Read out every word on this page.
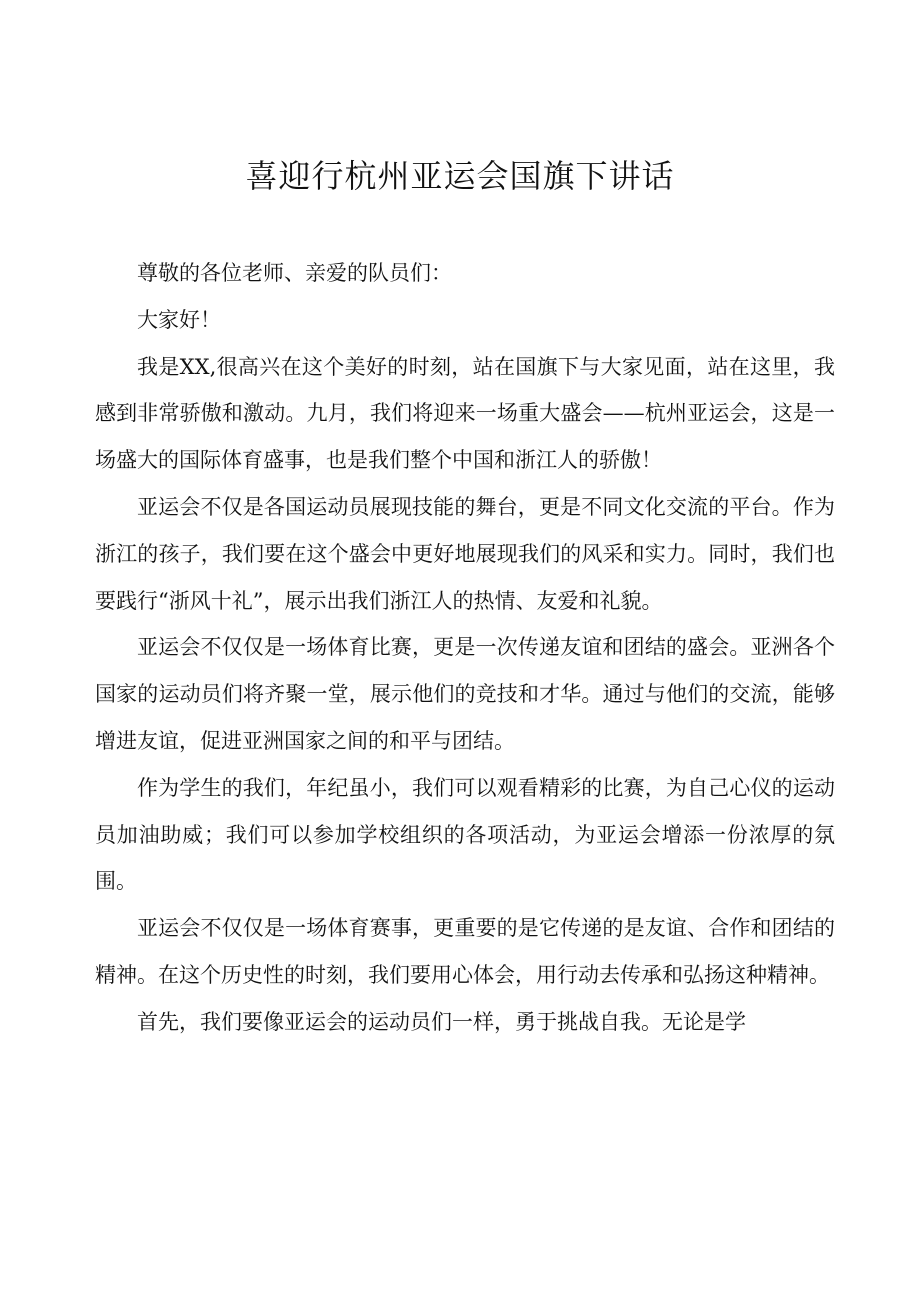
喜迎行杭州亚运会国旗下讲话

尊敬的各位老师、亲爱的队员们：

大家好！

我是XX,很高兴在这个美好的时刻，站在国旗下与大家见面，站在这里，我感到非常骄傲和激动。九月，我们将迎来一场重大盛会——杭州亚运会，这是一场盛大的国际体育盛事，也是我们整个中国和浙江人的骄傲！

亚运会不仅是各国运动员展现技能的舞台，更是不同文化交流的平台。作为浙江的孩子，我们要在这个盛会中更好地展现我们的风采和实力。同时，我们也要践行“浙风十礼”，展示出我们浙江人的热情、友爱和礼貌。

亚运会不仅仅是一场体育比赛，更是一次传递友谊和团结的盛会。亚洲各个国家的运动员们将齐聚一堂，展示他们的竞技和才华。通过与他们的交流，能够增进友谊，促进亚洲国家之间的和平与团结。

作为学生的我们，年纪虽小，我们可以观看精彩的比赛，为自己心仪的运动员加油助威；我们可以参加学校组织的各项活动，为亚运会增添一份浓厚的氛围。

亚运会不仅仅是一场体育赛事，更重要的是它传递的是友谊、合作和团结的精神。在这个历史性的时刻，我们要用心体会，用行动去传承和弘扬这种精神。

首先，我们要像亚运会的运动员们一样，勇于挑战自我。无论是学
